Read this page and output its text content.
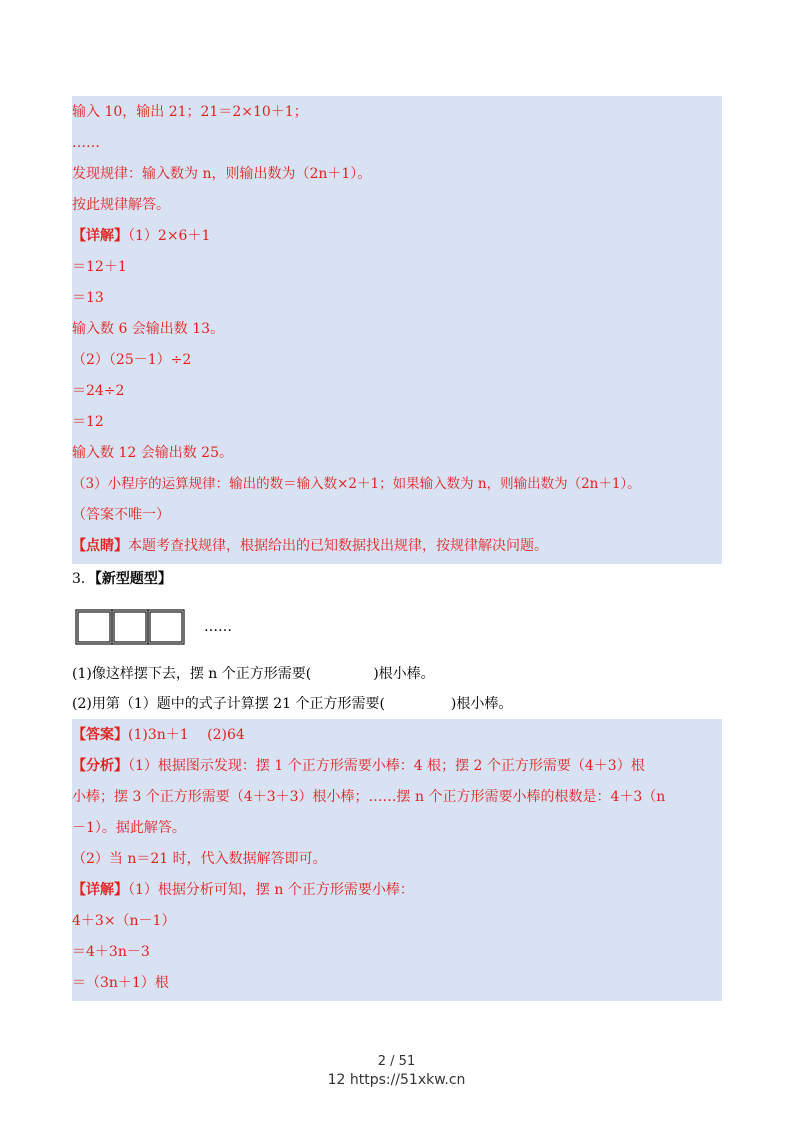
输入 10，输出 21；21＝2×10＋1；
……
发现规律：输入数为 n，则输出数为（2n＋1）。
按此规律解答。
【详解】（1）2×6＋1
＝12＋1
＝13
输入数 6 会输出数 13。
（2）（25－1）÷2
＝24÷2
＝12
输入数 12 会输出数 25。
（3）小程序的运算规律：输出的数＝输入数×2＋1；如果输入数为 n，则输出数为（2n＋1）。
（答案不唯一）
【点睛】本题考查找规律，根据给出的已知数据找出规律，按规律解决问题。
3．【新型题型】
……
(1)像这样摆下去，摆 n 个正方形需要(	)根小棒。
(2)用第（1）题中的式子计算摆 21 个正方形需要(	)根小棒。
【答案】(1)3n＋1　 (2)64
【分析】（1）根据图示发现：摆 1 个正方形需要小棒：4 根；摆 2 个正方形需要（4＋3）根
小棒；摆 3 个正方形需要（4＋3＋3）根小棒；……摆 n 个正方形需要小棒的根数是：4＋3（n
－1）。据此解答。
（2）当 n＝21 时，代入数据解答即可。
【详解】（1）根据分析可知，摆 n 个正方形需要小棒：
4＋3×（n－1）
＝4＋3n－3
＝（3n＋1）根
2 / 51
12 https://51xkw.cn
